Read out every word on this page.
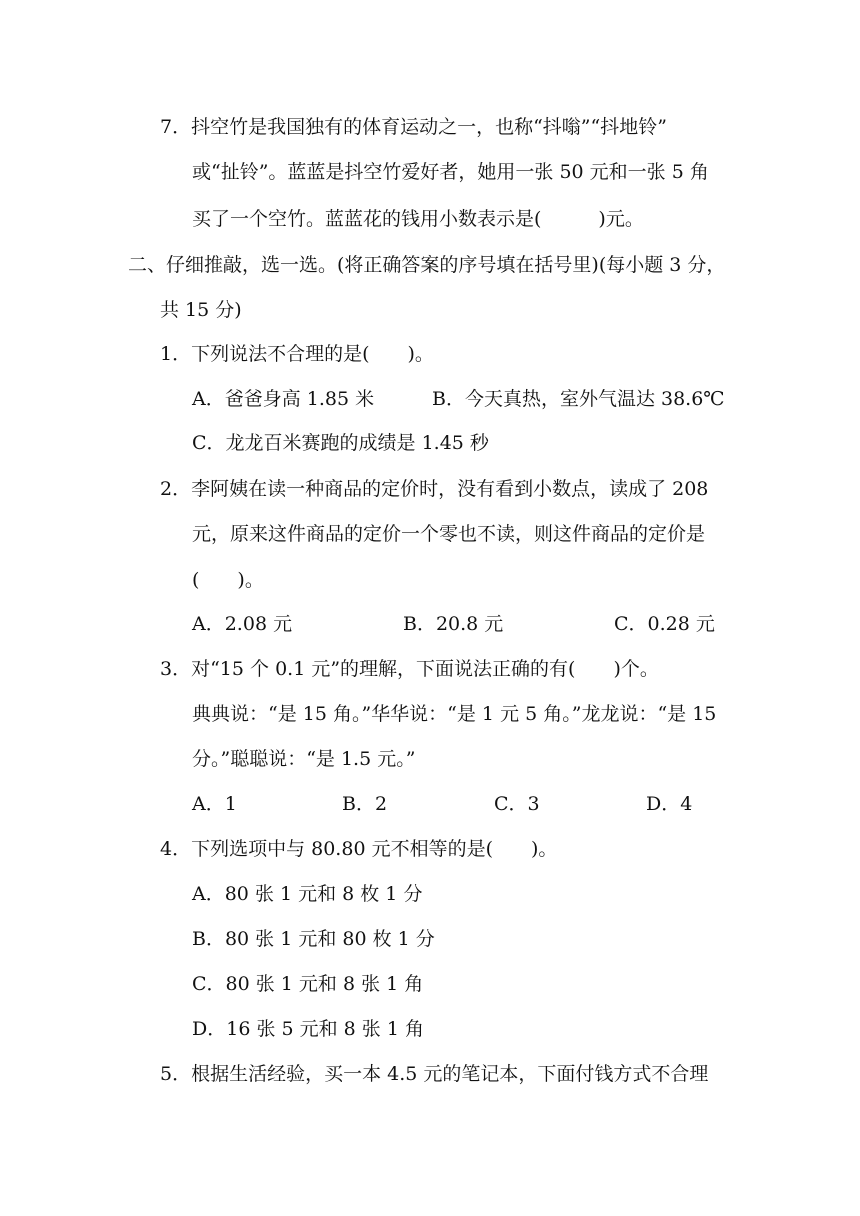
7．抖空竹是我国独有的体育运动之一，也称“抖嗡”“抖地铃”
或“扯铃”。蓝蓝是抖空竹爱好者，她用一张 50 元和一张 5 角
买了一个空竹。蓝蓝花的钱用小数表示是(　　　)元。
二、仔细推敲，选一选。(将正确答案的序号填在括号里)(每小题 3 分，
共 15 分)
1．下列说法不合理的是(　　)。
A．爸爸身高 1.85 米	B．今天真热，室外气温达 38.6℃
C．龙龙百米赛跑的成绩是 1.45 秒
2．李阿姨在读一种商品的定价时，没有看到小数点，读成了 208
元，原来这件商品的定价一个零也不读，则这件商品的定价是
(　　)。
A．2.08 元	B．20.8 元	C．0.28 元
3．对“15 个 0.1 元”的理解，下面说法正确的有(　　)个。
典典说：“是 15 角。”华华说：“是 1 元 5 角。”龙龙说：“是 15
分。”聪聪说：“是 1.5 元。”
A．1	B．2	C．3	D．4
4．下列选项中与 80.80 元不相等的是(　　)。
A．80 张 1 元和 8 枚 1 分
B．80 张 1 元和 80 枚 1 分
C．80 张 1 元和 8 张 1 角
D．16 张 5 元和 8 张 1 角
5．根据生活经验，买一本 4.5 元的笔记本，下面付钱方式不合理
